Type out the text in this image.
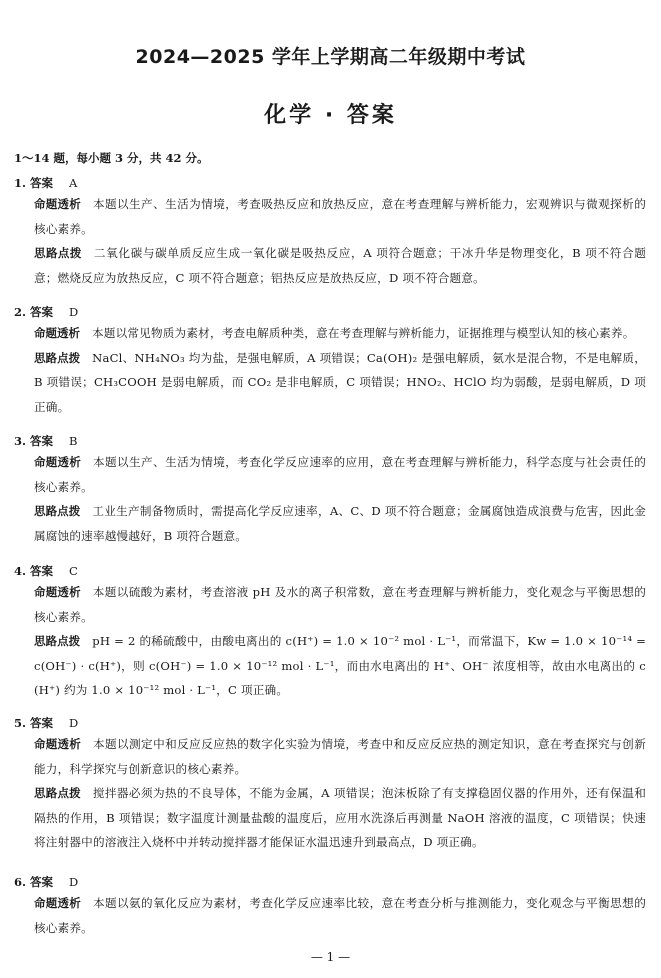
2024—2025 学年上学期高二年级期中考试
化学 · 答案
1～14 题，每小题 3 分，共 42 分。
1. 答案 A
命题透析 本题以生产、生活为情境，考查吸热反应和放热反应，意在考查理解与辨析能力，宏观辨识与微观探析的核心素养。
思路点拨 二氧化碳与碳单质反应生成一氧化碳是吸热反应，A 项符合题意；干冰升华是物理变化，B 项不符合题意；燃烧反应为放热反应，C 项不符合题意；铝热反应是放热反应，D 项不符合题意。
2. 答案 D
命题透析 本题以常见物质为素材，考查电解质种类，意在考查理解与辨析能力，证据推理与模型认知的核心素养。
思路点拨 NaCl、NH₄NO₃ 均为盐，是强电解质，A 项错误；Ca(OH)₂ 是强电解质，氨水是混合物，不是电解质，B 项错误；CH₃COOH 是弱电解质，而 CO₂ 是非电解质，C 项错误；HNO₂、HClO 均为弱酸，是弱电解质，D 项正确。
3. 答案 B
命题透析 本题以生产、生活为情境，考查化学反应速率的应用，意在考查理解与辨析能力，科学态度与社会责任的核心素养。
思路点拨 工业生产制备物质时，需提高化学反应速率，A、C、D 项不符合题意；金属腐蚀造成浪费与危害，因此金属腐蚀的速率越慢越好，B 项符合题意。
4. 答案 C
命题透析 本题以硫酸为素材，考查溶液 pH 及水的离子积常数，意在考查理解与辨析能力，变化观念与平衡思想的核心素养。
思路点拨 pH = 2 的稀硫酸中，由酸电离出的 c(H⁺) = 1.0 × 10⁻² mol · L⁻¹，而常温下，Kw = 1.0 × 10⁻¹⁴ = c(OH⁻) · c(H⁺)，则 c(OH⁻) = 1.0 × 10⁻¹² mol · L⁻¹，而由水电离出的 H⁺、OH⁻ 浓度相等，故由水电离出的 c(H⁺) 约为 1.0 × 10⁻¹² mol · L⁻¹，C 项正确。
5. 答案 D
命题透析 本题以测定中和反应反应热的数字化实验为情境，考查中和反应反应热的测定知识，意在考查探究与创新能力，科学探究与创新意识的核心素养。
思路点拨 搅拌器必须为热的不良导体，不能为金属，A 项错误；泡沫板除了有支撑稳固仪器的作用外，还有保温和隔热的作用，B 项错误；数字温度计测量盐酸的温度后，应用水洗涤后再测量 NaOH 溶液的温度，C 项错误；快速将注射器中的溶液注入烧杯中并转动搅拌器才能保证水温迅速升到最高点，D 项正确。
6. 答案 D
命题透析 本题以氨的氧化反应为素材，考查化学反应速率比较，意在考查分析与推测能力，变化观念与平衡思想的核心素养。
— 1 —
